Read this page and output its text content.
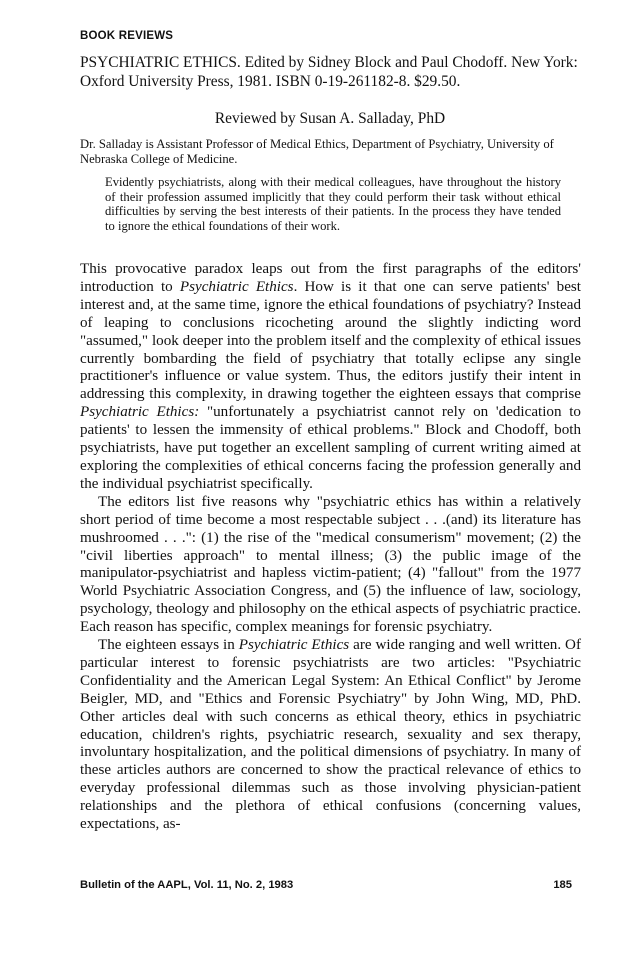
BOOK REVIEWS
PSYCHIATRIC ETHICS. Edited by Sidney Block and Paul Chodoff. New York: Oxford University Press, 1981. ISBN 0-19-261182-8. $29.50.
Reviewed by Susan A. Salladay, PhD
Dr. Salladay is Assistant Professor of Medical Ethics, Department of Psychiatry, University of Nebraska College of Medicine.
Evidently psychiatrists, along with their medical colleagues, have throughout the history of their profession assumed implicitly that they could perform their task without ethical difficulties by serving the best interests of their patients. In the process they have tended to ignore the ethical foundations of their work.

This provocative paradox leaps out from the first paragraphs of the editors' introduction to Psychiatric Ethics. How is it that one can serve patients' best interest and, at the same time, ignore the ethical foundations of psychiatry? Instead of leaping to conclusions ricocheting around the slightly indicting word "assumed," look deeper into the problem itself and the complexity of ethical issues currently bombarding the field of psychiatry that totally eclipse any single practitioner's influence or value system. Thus, the editors justify their intent in addressing this complexity, in drawing together the eighteen essays that comprise Psychiatric Ethics: "unfortunately a psychiatrist cannot rely on 'dedication to patients' to lessen the immensity of ethical problems." Block and Chodoff, both psychiatrists, have put together an excellent sampling of current writing aimed at exploring the complexities of ethical concerns facing the profession generally and the individual psychiatrist specifically.

The editors list five reasons why "psychiatric ethics has within a relatively short period of time become a most respectable subject . . .(and) its literature has mushroomed . . .": (1) the rise of the "medical consumerism" movement; (2) the "civil liberties approach" to mental illness; (3) the public image of the manipulator-psychiatrist and hapless victim-patient; (4) "fallout" from the 1977 World Psychiatric Association Congress, and (5) the influence of law, sociology, psychology, theology and philosophy on the ethical aspects of psychiatric practice. Each reason has specific, complex meanings for forensic psychiatry.

The eighteen essays in Psychiatric Ethics are wide ranging and well written. Of particular interest to forensic psychiatrists are two articles: "Psychiatric Confidentiality and the American Legal System: An Ethical Conflict" by Jerome Beigler, MD, and "Ethics and Forensic Psychiatry" by John Wing, MD, PhD. Other articles deal with such concerns as ethical theory, ethics in psychiatric education, children's rights, psychiatric research, sexuality and sex therapy, involuntary hospitalization, and the political dimensions of psychiatry. In many of these articles authors are concerned to show the practical relevance of ethics to everyday professional dilemmas such as those involving physician-patient relationships and the plethora of ethical confusions (concerning values, expectations, as-

Bulletin of the AAPL, Vol. 11, No. 2, 1983	185
